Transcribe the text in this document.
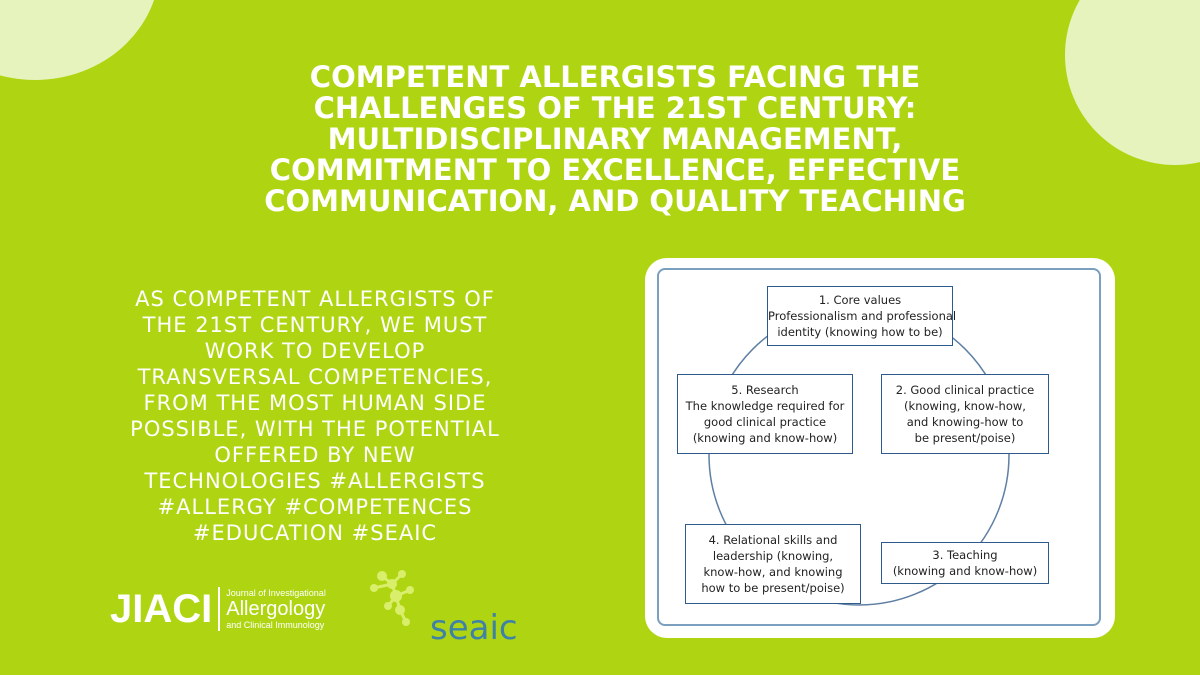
COMPETENT ALLERGISTS FACING THE
CHALLENGES OF THE 21ST CENTURY:
MULTIDISCIPLINARY MANAGEMENT,
COMMITMENT TO EXCELLENCE, EFFECTIVE
COMMUNICATION, AND QUALITY TEACHING

AS COMPETENT ALLERGISTS OF
THE 21ST CENTURY, WE MUST
WORK TO DEVELOP
TRANSVERSAL COMPETENCIES,
FROM THE MOST HUMAN SIDE
POSSIBLE, WITH THE POTENTIAL
OFFERED BY NEW
TECHNOLOGIES #ALLERGISTS
#ALLERGY #COMPETENCES
#EDUCATION #SEAIC

JIACI Journal of Investigational
Allergology
and Clinical Immunology	seaic
1. Core values
Professionalism and professional
identity (knowing how to be)
2. Good clinical practice
(knowing, know-how,
and knowing-how to
be present/poise)
3. Teaching
(knowing and know-how)
4. Relational skills and
leadership (knowing,
know-how, and knowing
how to be present/poise)
5. Research
The knowledge required for
good clinical practice
(knowing and know-how)
